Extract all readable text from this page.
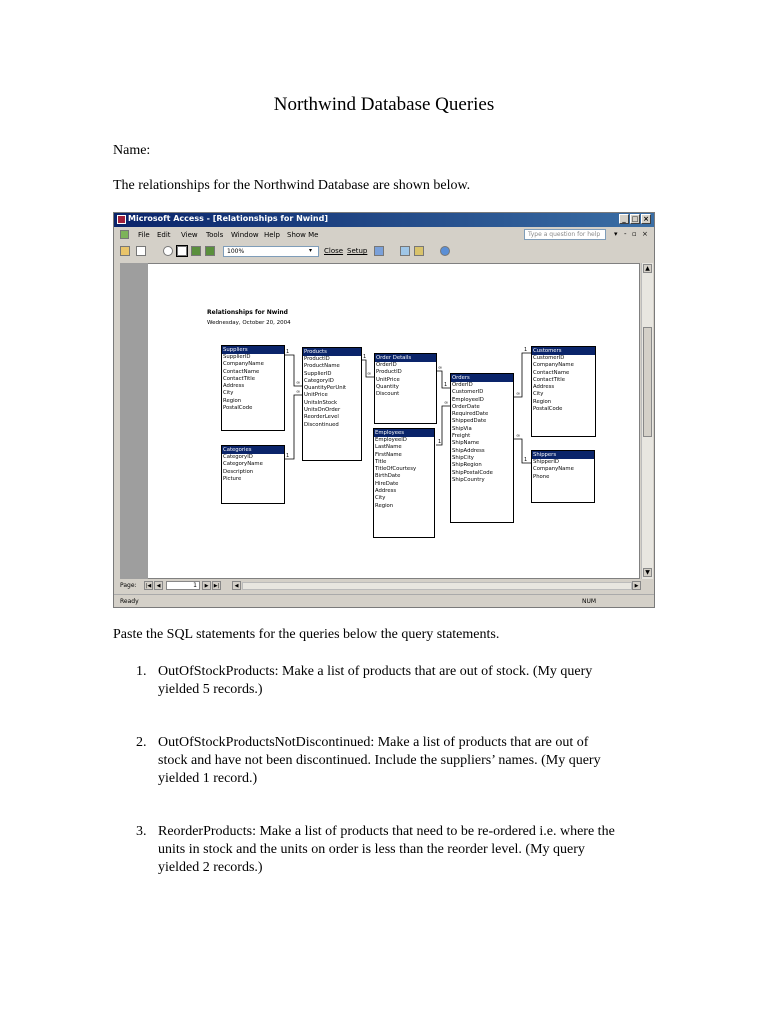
Northwind Database Queries
Name:
The relationships for the Northwind Database are shown below.
Microsoft Access - [Relationships for Nwind]	_ □ ×
File Edit View Tools Window Help Show Me	Type a question for help	▾ - ▫ ×
100%	▾ Close Setup
▲
▼
Relationships for Nwind
Wednesday, October 20, 2004
1
∞
1
∞
1
∞
∞
1
1
∞
∞
1
∞
1
Suppliers
SupplierID
CompanyName
ContactName
ContactTitle
Address
City
Region
PostalCode
Categories
CategoryID
CategoryName
Description
Picture
Products
ProductID
ProductName
SupplierID
CategoryID
QuantityPerUnit
UnitPrice
UnitsInStock
UnitsOnOrder
ReorderLevel
Discontinued
Order Details
OrderID
ProductID
UnitPrice
Quantity
Discount
Employees
EmployeeID
LastName
FirstName
Title
TitleOfCourtesy
BirthDate
HireDate
Address
City
Region
Orders
OrderID
CustomerID
EmployeeID
OrderDate
RequiredDate
ShippedDate
ShipVia
Freight
ShipName
ShipAddress
ShipCity
ShipRegion
ShipPostalCode
ShipCountry
Customers
CustomerID
CompanyName
ContactName
ContactTitle
Address
City
Region
PostalCode
Shippers
ShipperID
CompanyName
Phone
Page:	|◀	◀	1	▶	▶|	◀	▶
Ready	NUM
Paste the SQL statements for the queries below the query statements.
1. OutOfStockProducts: Make a list of products that are out of stock. (My query
yielded 5 records.)
2. OutOfStockProductsNotDiscontinued: Make a list of products that are out of
stock and have not been discontinued. Include the suppliers’ names. (My query
yielded 1 record.)
3. ReorderProducts: Make a list of products that need to be re-ordered i.e. where the
units in stock and the units on order is less than the reorder level. (My query
yielded 2 records.)
